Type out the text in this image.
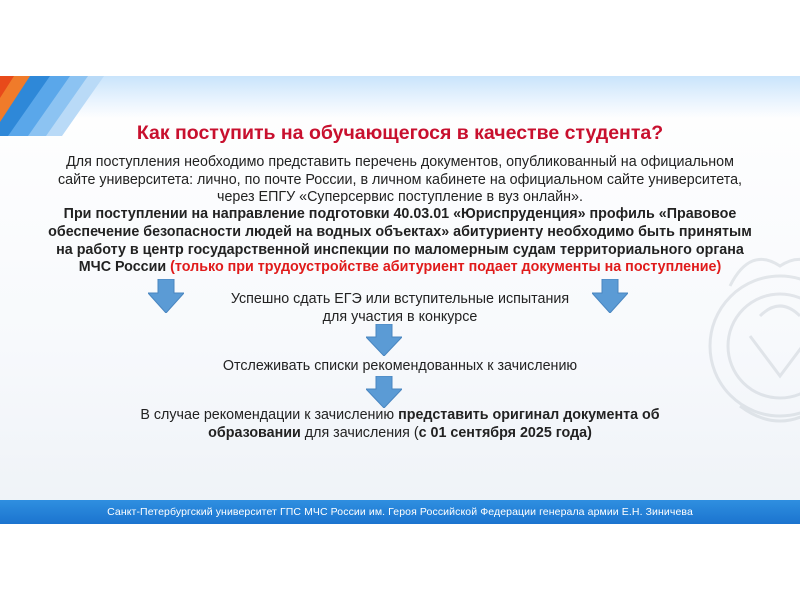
Как поступить на обучающегося в качестве студента?
Для поступления необходимо представить перечень документов, опубликованный на официальном
сайте университета: лично, по почте России, в личном кабинете на официальном сайте университета,
через ЕПГУ «Суперсервис поступление в вуз онлайн».
При поступлении на направление подготовки 40.03.01 «Юриспруденция» профиль «Правовое
обеспечение безопасности людей на водных объектах» абитуриенту необходимо быть принятым
на работу в центр государственной инспекции по маломерным судам территориального органа
МЧС России (только при трудоустройстве абитуриент подает документы на поступление)
Успешно сдать ЕГЭ или вступительные испытания
для участия в конкурсе
Отслеживать списки рекомендованных к зачислению
В случае рекомендации к зачислению представить оригинал документа об
образовании для зачисления (с 01 сентября 2025 года)
Санкт-Петербургский университет ГПС МЧС России им. Героя Российской Федерации генерала армии Е.Н. Зиничева
